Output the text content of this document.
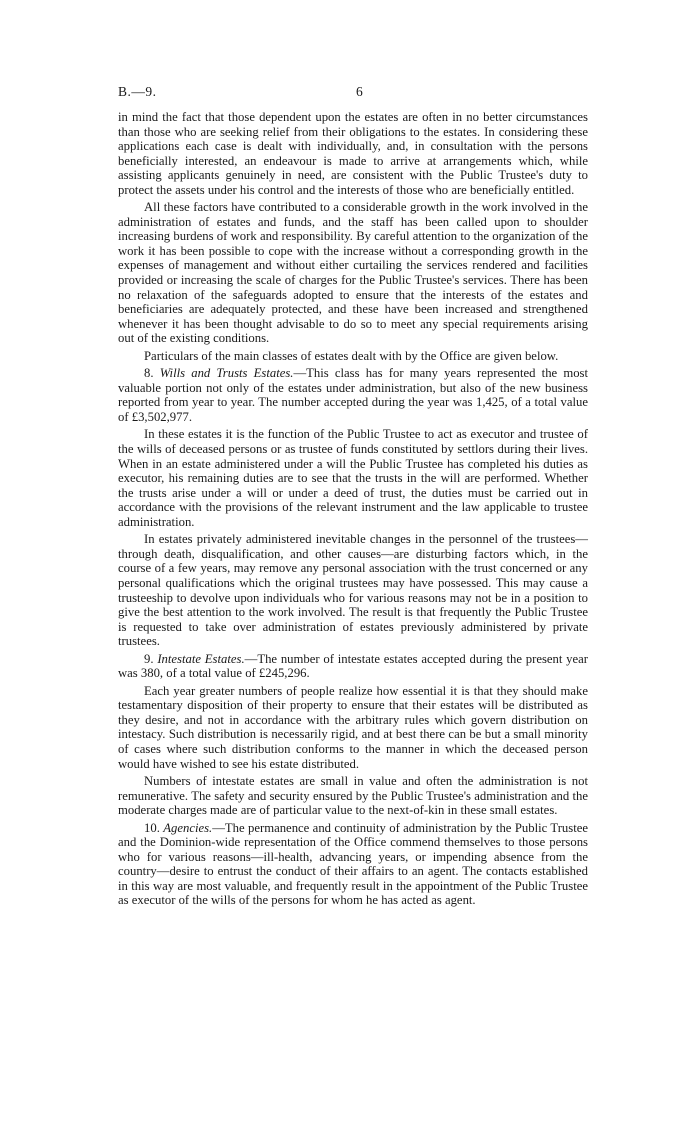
B.—9.	6

in mind the fact that those dependent upon the estates are often in no better circumstances than those who are seeking relief from their obligations to the estates. In considering these applications each case is dealt with individually, and, in consultation with the persons beneficially interested, an endeavour is made to arrive at arrangements which, while assisting applicants genuinely in need, are consistent with the Public Trustee's duty to protect the assets under his control and the interests of those who are beneficially entitled.

All these factors have contributed to a considerable growth in the work involved in the administration of estates and funds, and the staff has been called upon to shoulder increasing burdens of work and responsibility. By careful attention to the organization of the work it has been possible to cope with the increase without a corresponding growth in the expenses of management and without either curtailing the services rendered and facilities provided or increasing the scale of charges for the Public Trustee's services. There has been no relaxation of the safeguards adopted to ensure that the interests of the estates and beneficiaries are adequately protected, and these have been increased and strengthened whenever it has been thought advisable to do so to meet any special requirements arising out of the existing conditions.

Particulars of the main classes of estates dealt with by the Office are given below.

8. Wills and Trusts Estates.—This class has for many years represented the most valuable portion not only of the estates under administration, but also of the new business reported from year to year. The number accepted during the year was 1,425, of a total value of £3,502,977.

In these estates it is the function of the Public Trustee to act as executor and trustee of the wills of deceased persons or as trustee of funds constituted by settlors during their lives. When in an estate administered under a will the Public Trustee has completed his duties as executor, his remaining duties are to see that the trusts in the will are performed. Whether the trusts arise under a will or under a deed of trust, the duties must be carried out in accordance with the provisions of the relevant instrument and the law applicable to trustee administration.

In estates privately administered inevitable changes in the personnel of the trustees—through death, disqualification, and other causes—are disturbing factors which, in the course of a few years, may remove any personal association with the trust concerned or any personal qualifications which the original trustees may have possessed. This may cause a trusteeship to devolve upon individuals who for various reasons may not be in a position to give the best attention to the work involved. The result is that frequently the Public Trustee is requested to take over administration of estates previously administered by private trustees.

9. Intestate Estates.—The number of intestate estates accepted during the present year was 380, of a total value of £245,296.

Each year greater numbers of people realize how essential it is that they should make testamentary disposition of their property to ensure that their estates will be distributed as they desire, and not in accordance with the arbitrary rules which govern distribution on intestacy. Such distribution is necessarily rigid, and at best there can be but a small minority of cases where such distribution conforms to the manner in which the deceased person would have wished to see his estate distributed.

Numbers of intestate estates are small in value and often the administration is not remunerative. The safety and security ensured by the Public Trustee's administration and the moderate charges made are of particular value to the next-of-kin in these small estates.

10. Agencies.—The permanence and continuity of administration by the Public Trustee and the Dominion-wide representation of the Office commend themselves to those persons who for various reasons—ill-health, advancing years, or impending absence from the country—desire to entrust the conduct of their affairs to an agent. The contacts established in this way are most valuable, and frequently result in the appointment of the Public Trustee as executor of the wills of the persons for whom he has acted as agent.
